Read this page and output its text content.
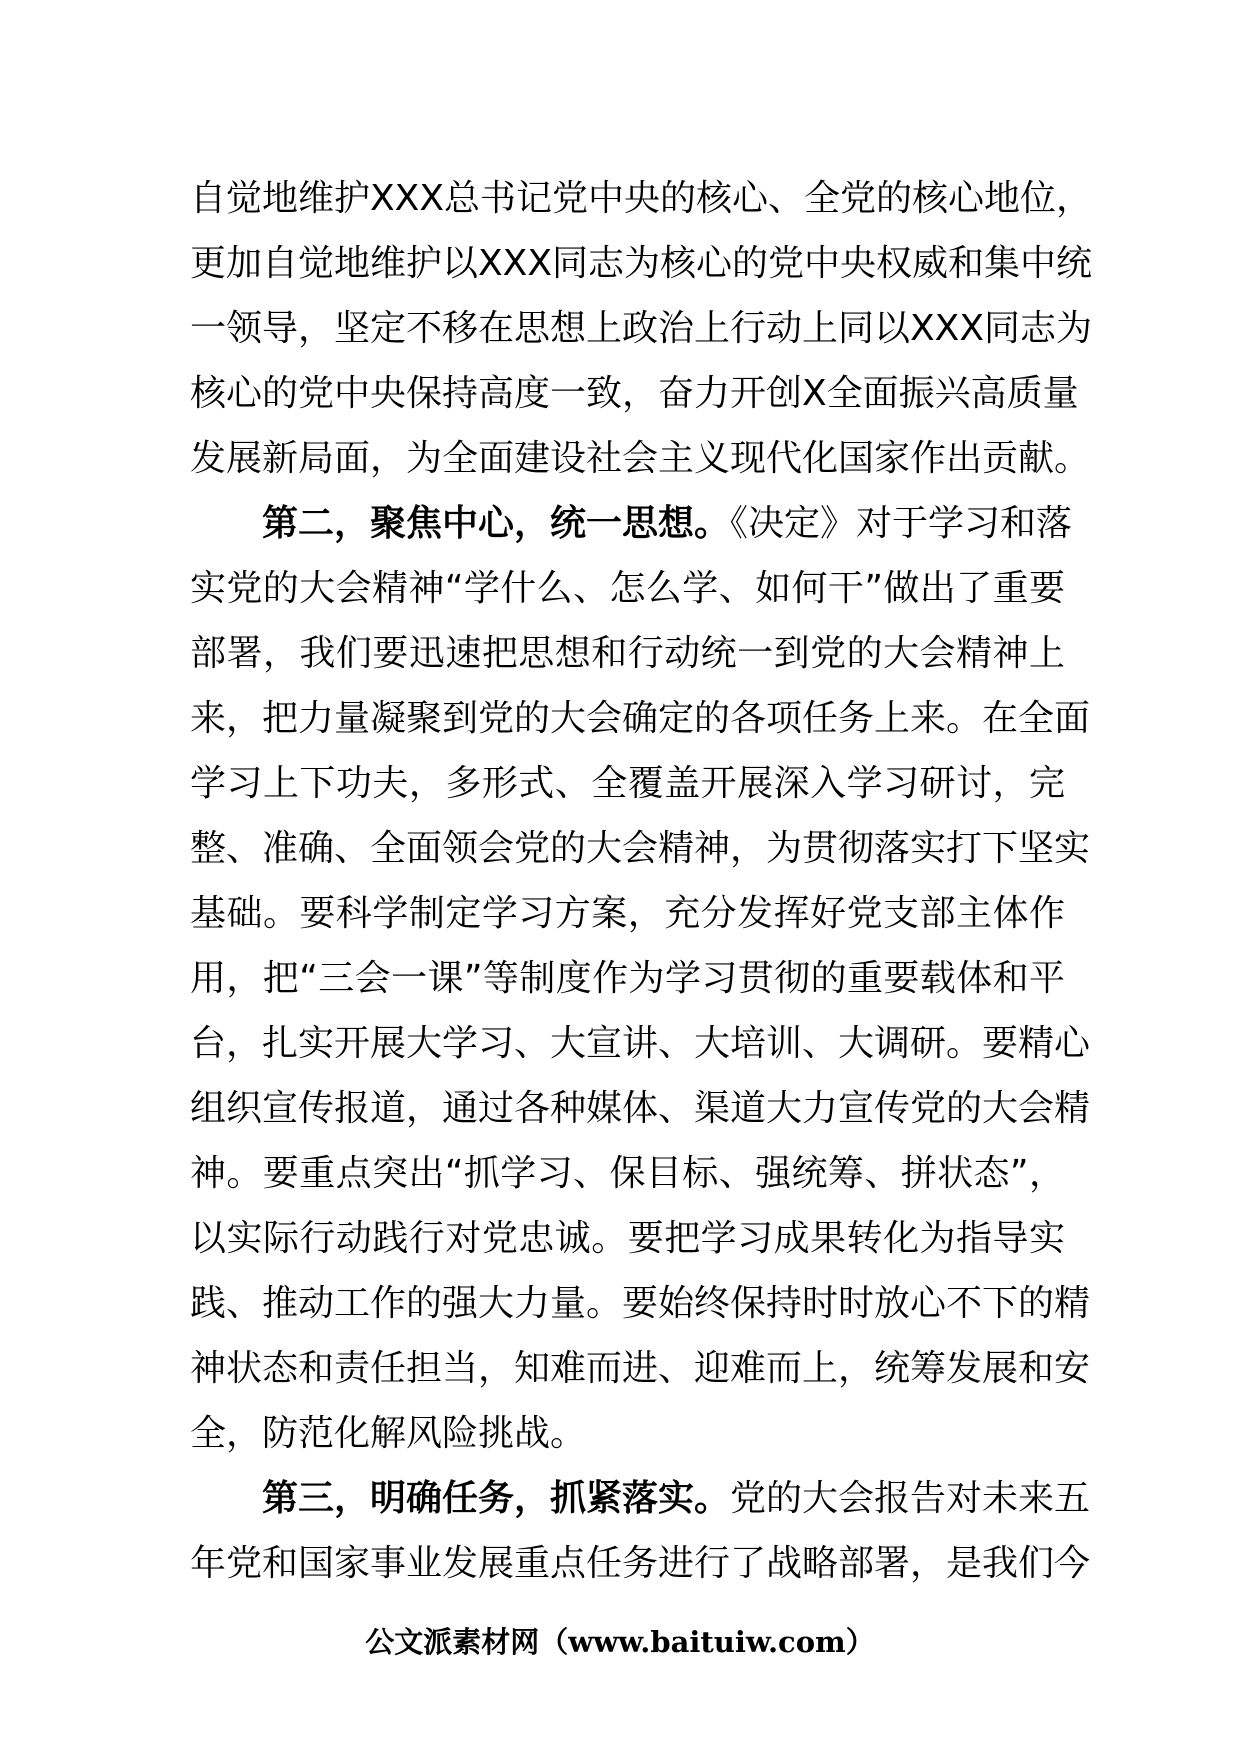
自觉地维护XXX总书记党中央的核心、全党的核心地位，
更加自觉地维护以XXX同志为核心的党中央权威和集中统
一领导，坚定不移在思想上政治上行动上同以XXX同志为
核心的党中央保持高度一致，奋力开创X全面振兴高质量
发展新局面，为全面建设社会主义现代化国家作出贡献。
第二，聚焦中心，统一思想。《决定》对于学习和落
实党的大会精神“学什么、怎么学、如何干”做出了重要
部署，我们要迅速把思想和行动统一到党的大会精神上
来，把力量凝聚到党的大会确定的各项任务上来。在全面
学习上下功夫，多形式、全覆盖开展深入学习研讨，完
整、准确、全面领会党的大会精神，为贯彻落实打下坚实
基础。要科学制定学习方案，充分发挥好党支部主体作
用，把“三会一课”等制度作为学习贯彻的重要载体和平
台，扎实开展大学习、大宣讲、大培训、大调研。要精心
组织宣传报道，通过各种媒体、渠道大力宣传党的大会精
神。要重点突出“抓学习、保目标、强统筹、拼状态”，
以实际行动践行对党忠诚。要把学习成果转化为指导实
践、推动工作的强大力量。要始终保持时时放心不下的精
神状态和责任担当，知难而进、迎难而上，统筹发展和安
全，防范化解风险挑战。
第三，明确任务，抓紧落实。党的大会报告对未来五
年党和国家事业发展重点任务进行了战略部署，是我们今
公文派素材网（www.baituiw.com）
